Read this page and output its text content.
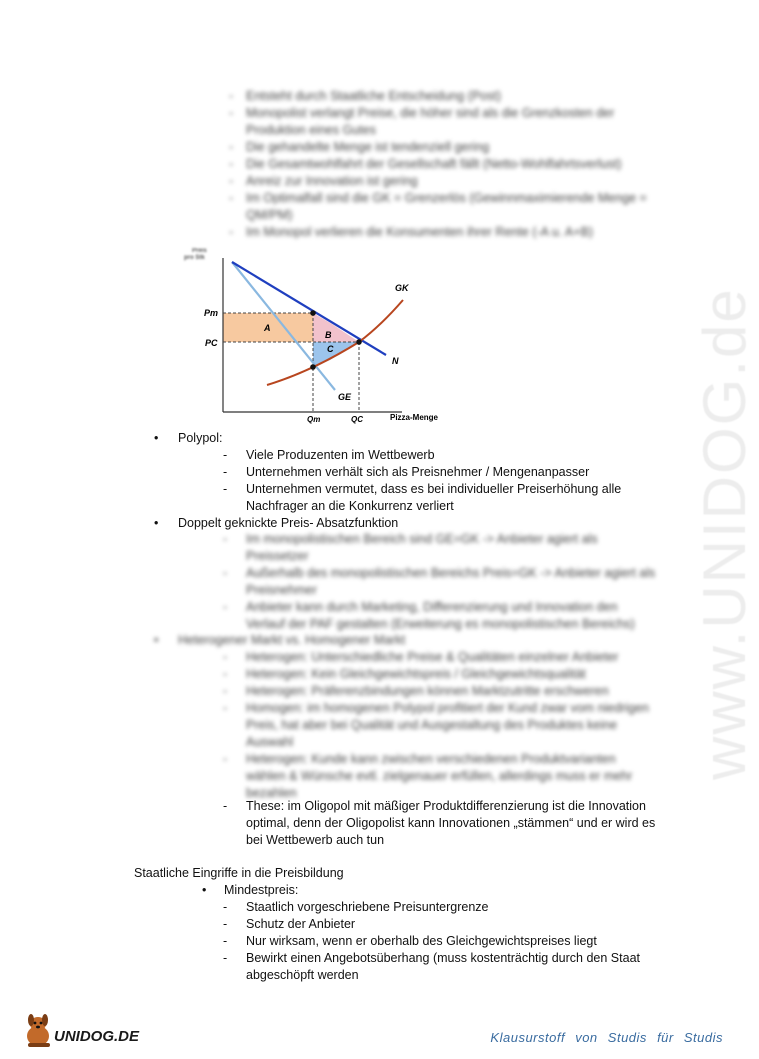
www.UNIDOG.de
- Entsteht durch Staatliche Entscheidung (Post)
- Monopolist verlangt Preise, die höher sind als die Grenzkosten der
Produktion eines Gutes
- Die gehandelte Menge ist tendenziell gering
- Die Gesamtwohlfahrt der Gesellschaft fällt (Netto-Wohlfahrtsverlust)
- Anreiz zur Innovation ist gering
- Im Optimalfall sind die GK = Grenzerlös (Gewinnmaximierende Menge =
QM/PM)
- Im Monopol verlieren die Konsumenten ihrer Rente (-A u. A+B)
Preis pro Stk
Pm
PC
A
B
C
GK
N
GE
Qm	QC	Pizza-Menge
• Polypol:
- Viele Produzenten im Wettbewerb
- Unternehmen verhält sich als Preisnehmer / Mengenanpasser
- Unternehmen vermutet, dass es bei individueller Preiserhöhung alle
Nachfrager an die Konkurrenz verliert
• Doppelt geknickte Preis- Absatzfunktion
- Im monopolistischen Bereich sind GE=GK -> Anbieter agiert als
Preissetzer
- Außerhalb des monopolistischen Bereichs Preis=GK -> Anbieter agiert als
Preisnehmer
- Anbieter kann durch Marketing, Differenzierung und Innovation den
Verlauf der PAF gestalten (Erweiterung es monopolistischen Bereichs)
• Heterogener Markt vs. Homogener Markt
- Heterogen: Unterschiedliche Preise & Qualitäten einzelner Anbieter
- Heterogen: Kein Gleichgewichtspreis / Gleichgewichtsqualität
- Heterogen: Präferenzbindungen können Marktzutritte erschweren
- Homogen: im homogenen Polypol profitiert der Kund zwar vom niedrigen
Preis, hat aber bei Qualität und Ausgestaltung des Produktes keine
Auswahl
- Heterogen: Kunde kann zwischen verschiedenen Produktvarianten
wählen & Wünsche evtl. zielgenauer erfüllen, allerdings muss er mehr
bezahlen
- These: im Oligopol mit mäßiger Produktdifferenzierung ist die Innovation
optimal, denn der Oligopolist kann Innovationen „stämmen“ und er wird es
bei Wettbewerb auch tun
Staatliche Eingriffe in die Preisbildung
• Mindestpreis:
- Staatlich vorgeschriebene Preisuntergrenze
- Schutz der Anbieter
- Nur wirksam, wenn er oberhalb des Gleichgewichtspreises liegt
- Bewirkt einen Angebotsüberhang (muss kostenträchtig durch den Staat
abgeschöpft werden
UNIDOG.DE	Klausurstoff von Studis für Studis
